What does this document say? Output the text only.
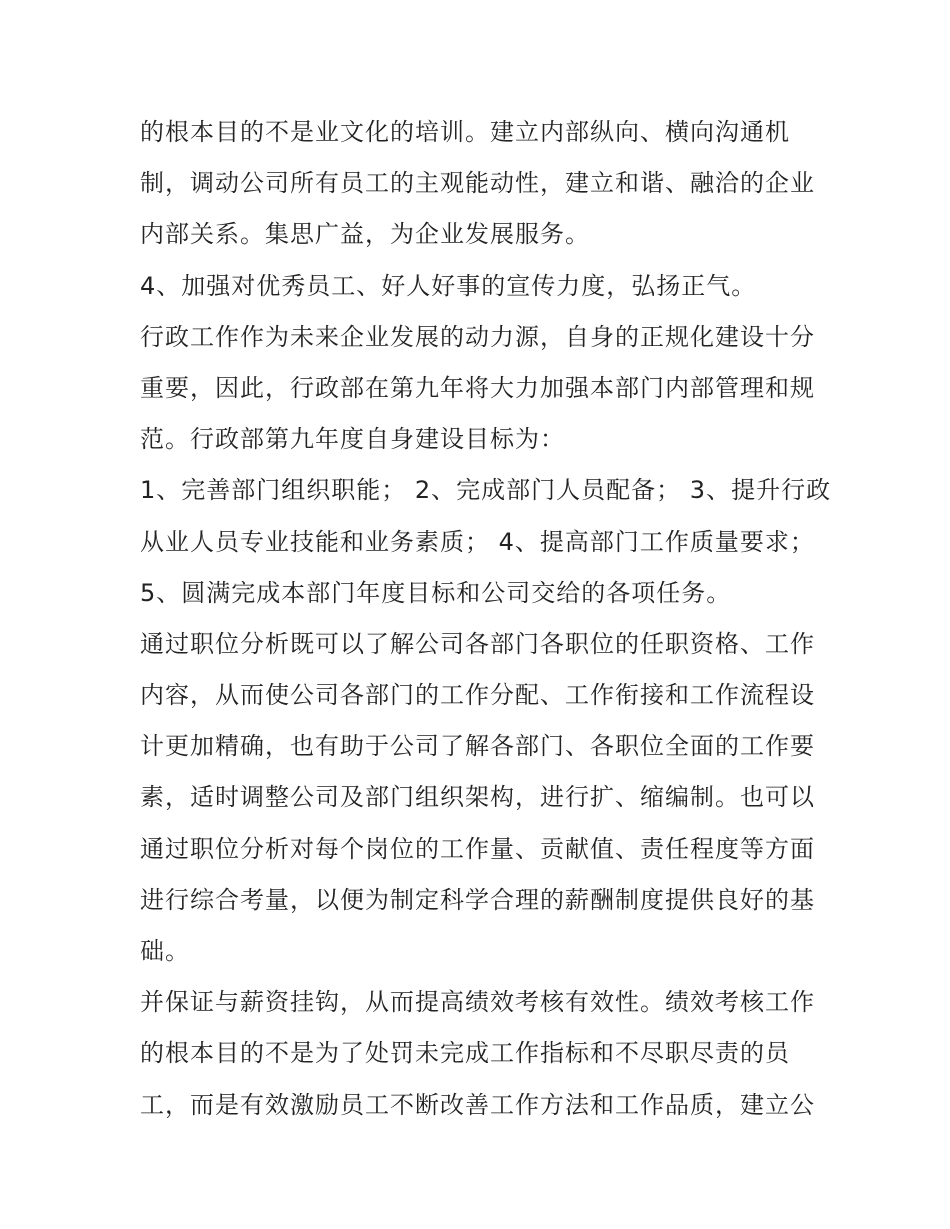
的根本目的不是业文化的培训。建立内部纵向、横向沟通机
制，调动公司所有员工的主观能动性，建立和谐、融洽的企业
内部关系。集思广益，为企业发展服务。
4、加强对优秀员工、好人好事的宣传力度，弘扬正气。
行政工作作为未来企业发展的动力源，自身的正规化建设十分
重要，因此，行政部在第九年将大力加强本部门内部管理和规
范。行政部第九年度自身建设目标为：
1、完善部门组织职能； 2、完成部门人员配备； 3、提升行政
从业人员专业技能和业务素质； 4、提高部门工作质量要求；
5、圆满完成本部门年度目标和公司交给的各项任务。
通过职位分析既可以了解公司各部门各职位的任职资格、工作
内容，从而使公司各部门的工作分配、工作衔接和工作流程设
计更加精确，也有助于公司了解各部门、各职位全面的工作要
素，适时调整公司及部门组织架构，进行扩、缩编制。也可以
通过职位分析对每个岗位的工作量、贡献值、责任程度等方面
进行综合考量，以便为制定科学合理的薪酬制度提供良好的基
础。
并保证与薪资挂钩，从而提高绩效考核有效性。绩效考核工作
的根本目的不是为了处罚未完成工作指标和不尽职尽责的员
工，而是有效激励员工不断改善工作方法和工作品质，建立公
